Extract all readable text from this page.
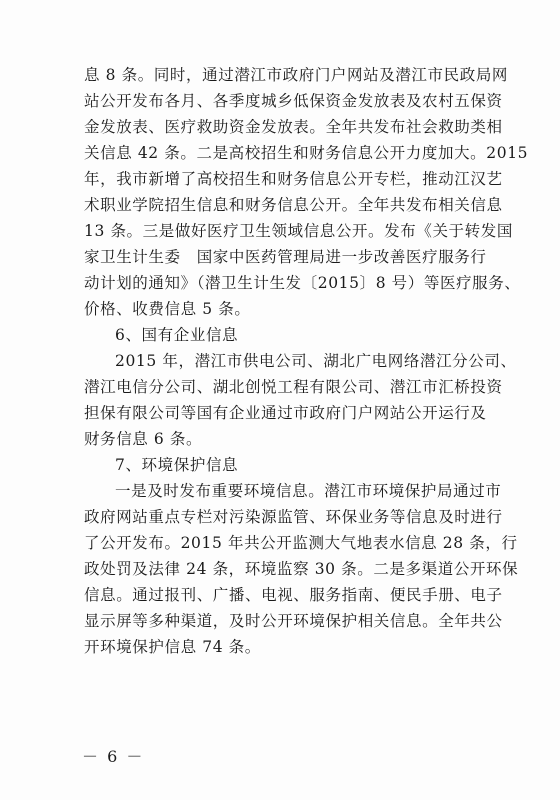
息 8 条。同时，通过潜江市政府门户网站及潜江市民政局网
站公开发布各月、各季度城乡低保资金发放表及农村五保资
金发放表、医疗救助资金发放表。全年共发布社会救助类相
关信息 42 条。二是高校招生和财务信息公开力度加大。2015
年，我市新增了高校招生和财务信息公开专栏，推动江汉艺
术职业学院招生信息和财务信息公开。全年共发布相关信息
13 条。三是做好医疗卫生领域信息公开。发布《关于转发国
家卫生计生委　国家中医药管理局进一步改善医疗服务行
动计划的通知》（潜卫生计生发〔2015〕8 号）等医疗服务、
价格、收费信息 5 条。
6、国有企业信息
2015 年，潜江市供电公司、湖北广电网络潜江分公司、
潜江电信分公司、湖北创悦工程有限公司、潜江市汇桥投资
担保有限公司等国有企业通过市政府门户网站公开运行及
财务信息 6 条。
7、环境保护信息
一是及时发布重要环境信息。潜江市环境保护局通过市
政府网站重点专栏对污染源监管、环保业务等信息及时进行
了公开发布。2015 年共公开监测大气地表水信息 28 条，行
政处罚及法律 24 条，环境监察 30 条。二是多渠道公开环保
信息。通过报刊、广播、电视、服务指南、便民手册、电子
显示屏等多种渠道，及时公开环境保护相关信息。全年共公
开环境保护信息 74 条。
－ 6 －
